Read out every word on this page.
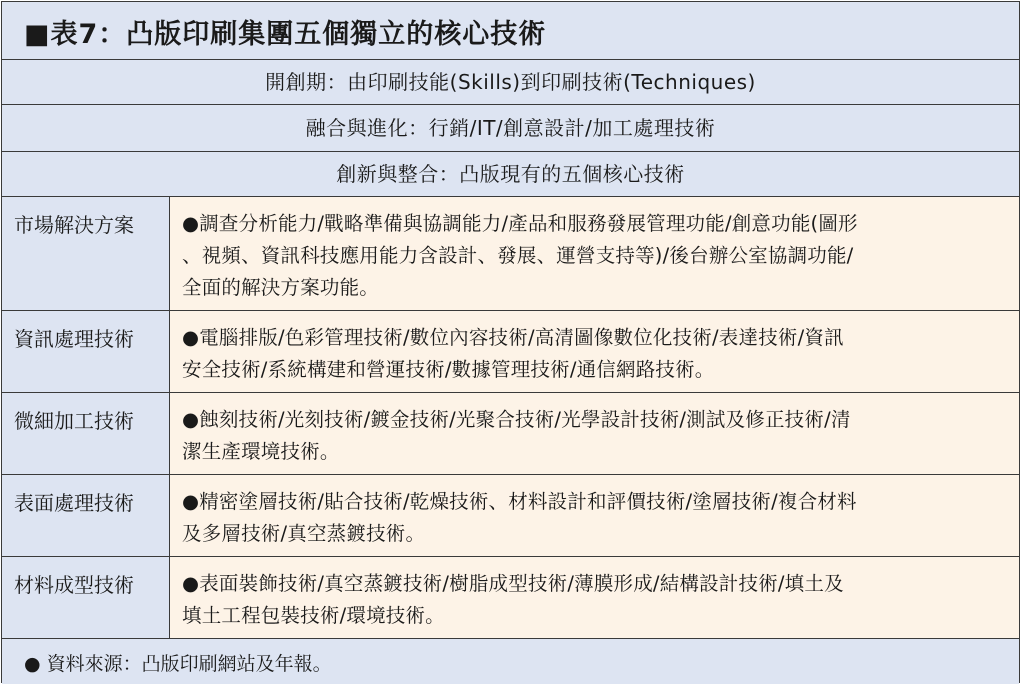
■表7：凸版印刷集團五個獨立的核心技術
開創期：由印刷技能(Skills)到印刷技術(Techniques)
融合與進化：行銷/IT/創意設計/加工處理技術
創新與整合：凸版現有的五個核心技術
市場解決方案	●調查分析能力/戰略準備與協調能力/產品和服務發展管理功能/創意功能(圖形
、視頻、資訊科技應用能力含設計、發展、運營支持等)/後台辦公室協調功能/
全面的解決方案功能。
資訊處理技術	●電腦排版/色彩管理技術/數位內容技術/高清圖像數位化技術/表達技術/資訊
安全技術/系統構建和營運技術/數據管理技術/通信網路技術。
微細加工技術	●蝕刻技術/光刻技術/鍍金技術/光聚合技術/光學設計技術/測試及修正技術/清
潔生產環境技術。
表面處理技術	●精密塗層技術/貼合技術/乾燥技術、材料設計和評價技術/塗層技術/複合材料
及多層技術/真空蒸鍍技術。
材料成型技術	●表面裝飾技術/真空蒸鍍技術/樹脂成型技術/薄膜形成/結構設計技術/填土及
填土工程包裝技術/環境技術。
● 資料來源：凸版印刷網站及年報。
